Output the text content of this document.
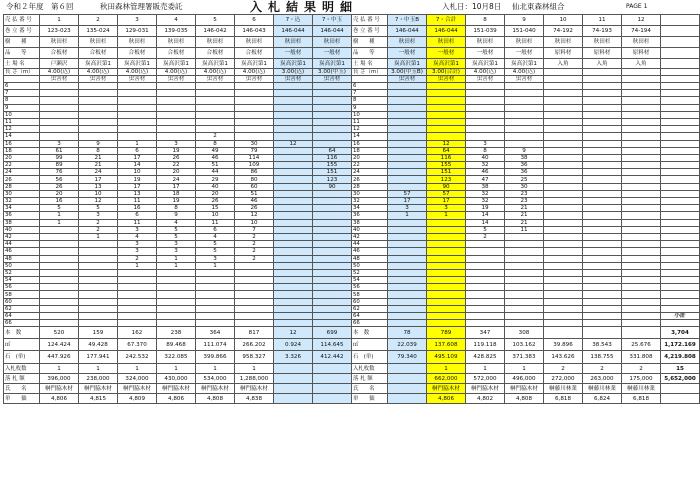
令和２年度　第６回	秋田森林管理署販売委託	入札結果明細	入札日：10月8日 仙北東森林組合	PAGE 1
売 払 番 号	1	2	3	4	5	6	7・込	7・中玉	売 払 番 号	7・中玉B	7・合計	8	9	10	11	12	
巻 立 番 号	123-023	135-024	129-031	139-035	146-042	146-043	146-044	146-044	巻 立 番 号	146-044	146-044	151-039	151-040	74-192	74-193	74-194	
樹　　種	秋田杉	秋田杉	秋田杉	秋田杉	秋田杉	秋田杉	秋田杉	秋田杉	樹　　種	秋田杉	秋田杉	秋田杉	秋田杉	秋田杉	秋田杉	秋田杉	
品　　等	合板材	合板材	合板材	合板材	合板材	合板材	一般材	一般材	品　　等	一般材	一般材	一般材	一般材	原料材	原料材	原料材	
土 場 名	戸瀬沢	炭高沢第1	炭高沢第1	炭高沢第1	炭高沢第1	炭高沢第1	炭高沢第1	炭高沢第1	土 場 名	炭高沢第1	炭高沢第1	炭高沢第1	炭高沢第1	入角	入角	入角	
長 さ（m）	4.00(込)	4.00(込)	4.00(込)	4.00(込)	4.00(込)	4.00(込)	3.00(込)	3.00(中玉)	長 さ（m）	3.00(中玉B)	3.00(合計)	4.00(込)	4.00(込)				
	虫害材	虫害材	虫害材	虫害材	虫害材	虫害材	虫害材	虫害材		虫害材	虫害材	虫害材	虫害材				
6									6								
7									7								
8									8								
9									9								
10									10								
11									11								
12									12								
14					2				14								
16	3	9	1	3	8	30	12		16		12	3					
18	61	8	6	19	49	79		64	18		64	8	9				
20	99	21	17	26	46	114		116	20		116	40	38				
22	89	21	14	22	51	109		155	22		155	32	36				
24	76	24	10	20	44	86		151	24		151	46	36				
26	56	17	19	24	29	80		123	26		123	47	25				
28	26	13	17	17	40	60		90	28		90	38	30				
30	20	10	13	18	20	51			30	57	57	32	23				
32	16	12	11	19	26	46			32	17	17	32	23				
34	5	5	16	8	15	26			34	3	3	19	21				
36	1	3	6	9	10	12			36	1	1	14	21				
38	1	2	11	4	11	10			38			14	21				
40		2	3	5	6	7			40			5	11				
42		1	4	5	4	2			42			2					
44			3	3	5	2			44								
46			3	3	5	2			46								
48			2	1	3	2			48								
50			1	1	1				50								
52									52								
54									54								
56									56								
58									58								
60									60								
62									62								
64									64								小計
66									66								
本　数	520	159	162	238	364	817	12	699	本　数	78	789	347	308				3,704
㎥	124.424	49.428	67.370	89.468	111.074	266.202	0.924	114.645	㎥	22.039	137.608	119.118	103.162	39.896	38.543	25.676	1,172.169
石　(単)	447.926	177.941	242.532	322.085	399.866	958.327	3.326	412.442	石　(単)	79.340	495.109	428.825	371.383	143.626	138.755	331.808	4,219.808
入札枚数	1	1	1	1	1	1			入札枚数		1	1	1	2	2	2	15
落 札 額	396,000	238,000	324,000	430,000	534,000	1,288,000			落 札 額		662,000	572,000	496,000	272,000	263,000	175,000	5,652,000
氏　　名	榊門脇木材	榊門脇木材	榊門脇木材	榊門脇木材	榊門脇木材	榊門脇木材			氏　　名		榊門脇木材	榊門脇木材	榊門脇木材	榊藤川林業	榊藤川林業	榊藤川林業	
単　　価	4,806	4,815	4,809	4,806	4,808	4,838			単　　価		4,806	4,802	4,808	6,818	6,824	6,818	
